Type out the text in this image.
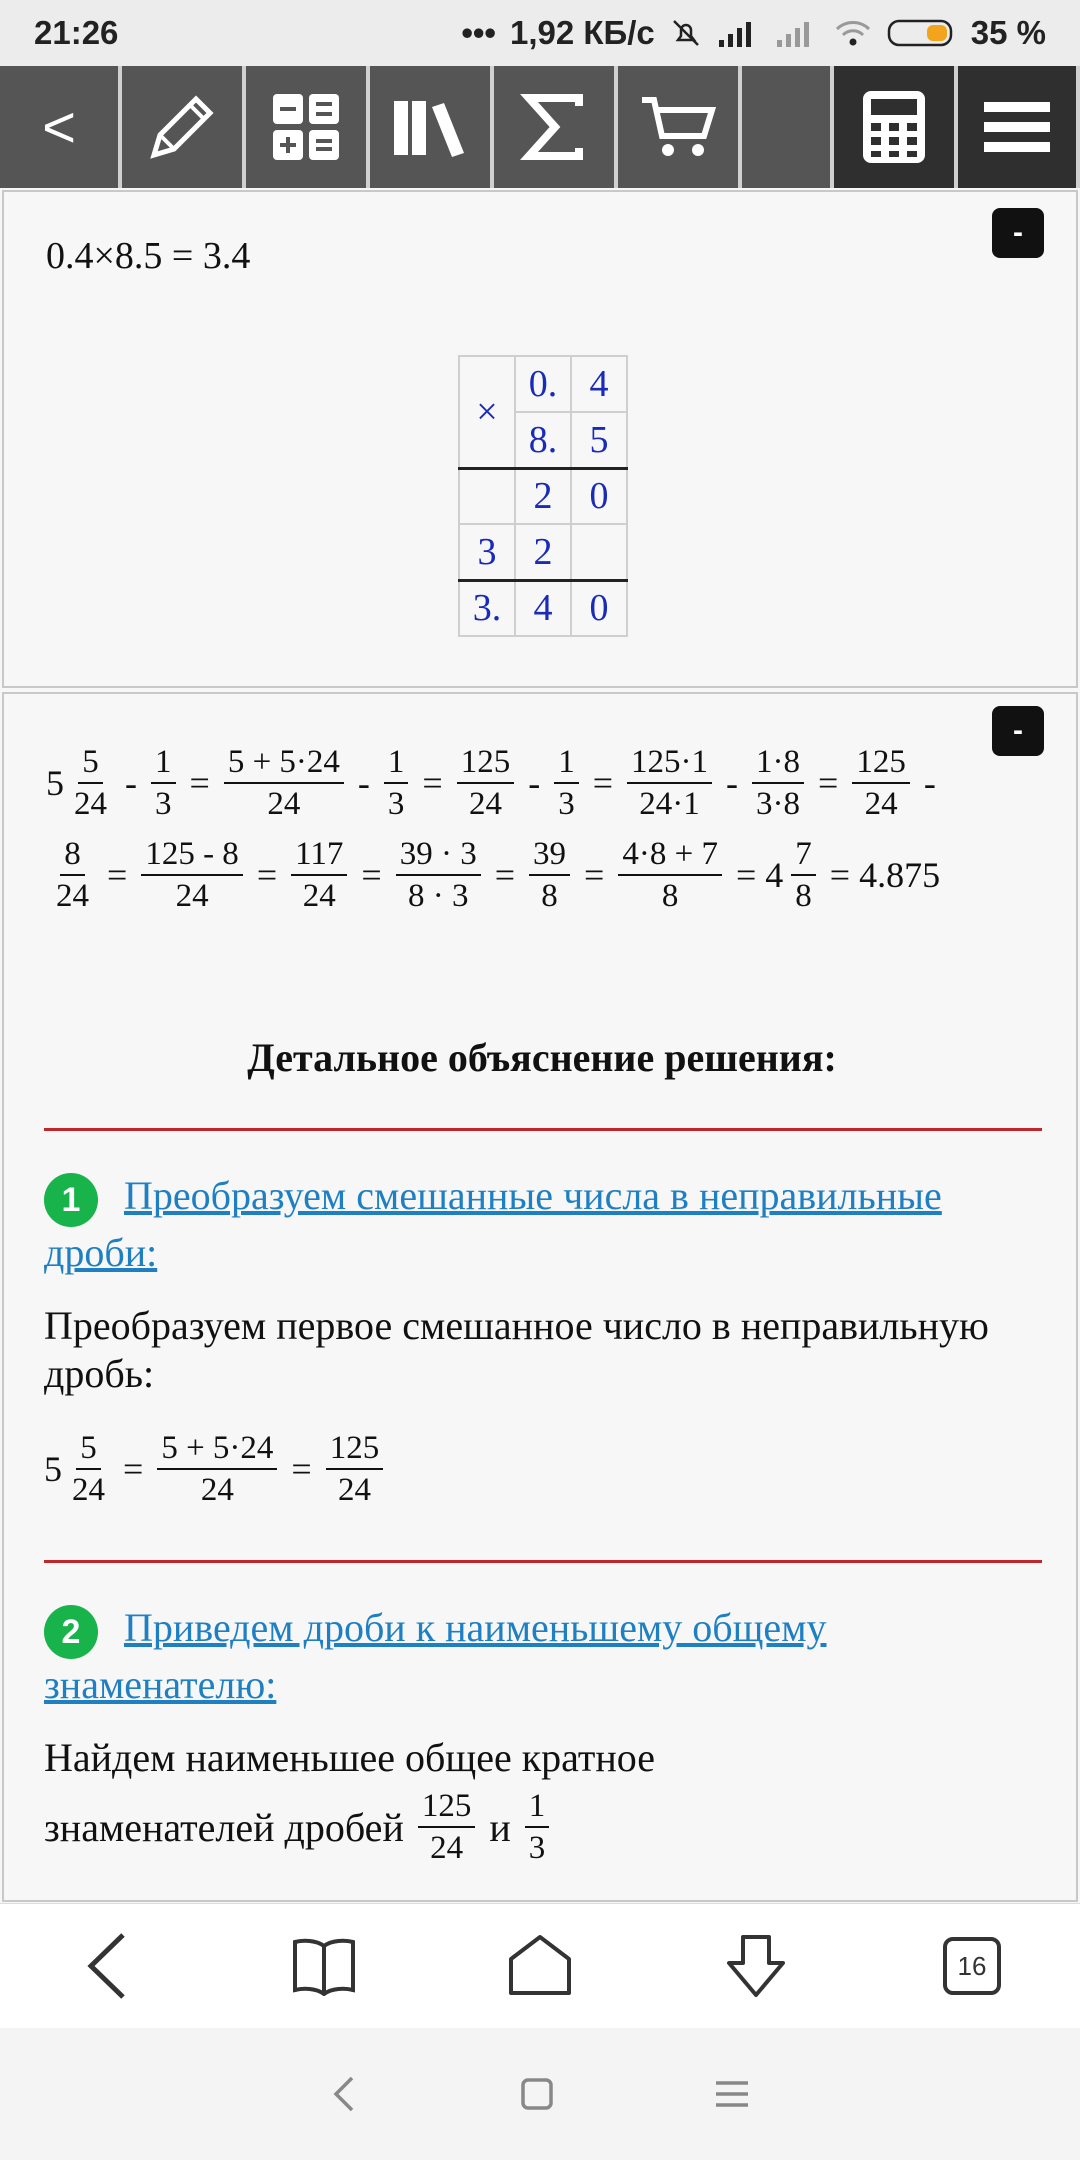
21:26	••• 1,92 КБ/с	35 %
<
-
0.4×8.5 = 3.4
×	0.	4
	8.	5
	2	0
3	2	
3.	4	0
-
$5 \frac{5}{24} - \frac{1}{3} = \frac{5 + 5\cdot 24}{24} - \frac{1}{3} = \frac{125}{24} - \frac{1}{3} = \frac{125\cdot 1}{24\cdot 1} - \frac{1\cdot 8}{3\cdot 8} = \frac{125}{24}$ -
$\frac{8}{24} = \frac{125 - 8}{24} = \frac{117}{24} = \frac{39 \cdot 3}{8 \cdot 3} = \frac{39}{8} = \frac{4\cdot 8 + 7}{8} = 4 \frac{7}{8} = 4.875$
Детальное объяснение решения:
1 Преобразуем смешанные числа в неправильные дроби:
Преобразуем первое смешанное число в неправильную дробь:
$5 \frac{5}{24} = \frac{5 + 5\cdot 24}{24} = \frac{125}{24}$
2 Приведем дроби к наименьшему общему знаменателю:
Найдем наименьшее общее кратное
знаменателей дробей $\frac{125}{24}$ и $\frac{1}{3}$
16
